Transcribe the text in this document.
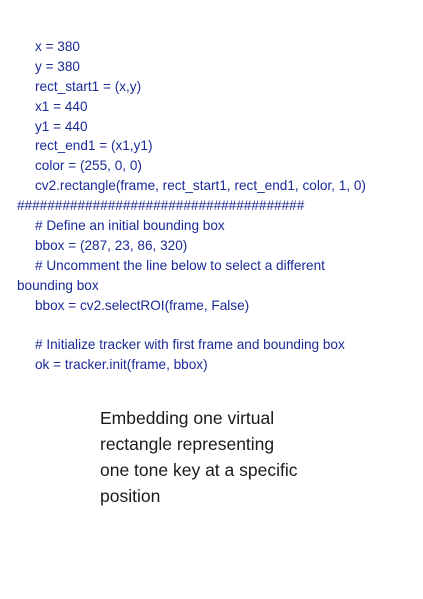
x = 380
y = 380
rect_start1 = (x,y)
x1 = 440
y1 = 440
rect_end1 = (x1,y1)
color = (255, 0, 0)
cv2.rectangle(frame, rect_start1, rect_end1, color, 1, 0)
######################################
# Define an initial bounding box
bbox = (287, 23, 86, 320)
# Uncomment the line below to select a different
bounding box
bbox = cv2.selectROI(frame, False)
# Initialize tracker with first frame and bounding box
ok = tracker.init(frame, bbox)
Embedding one virtual
rectangle representing
one tone key at a specific
position
